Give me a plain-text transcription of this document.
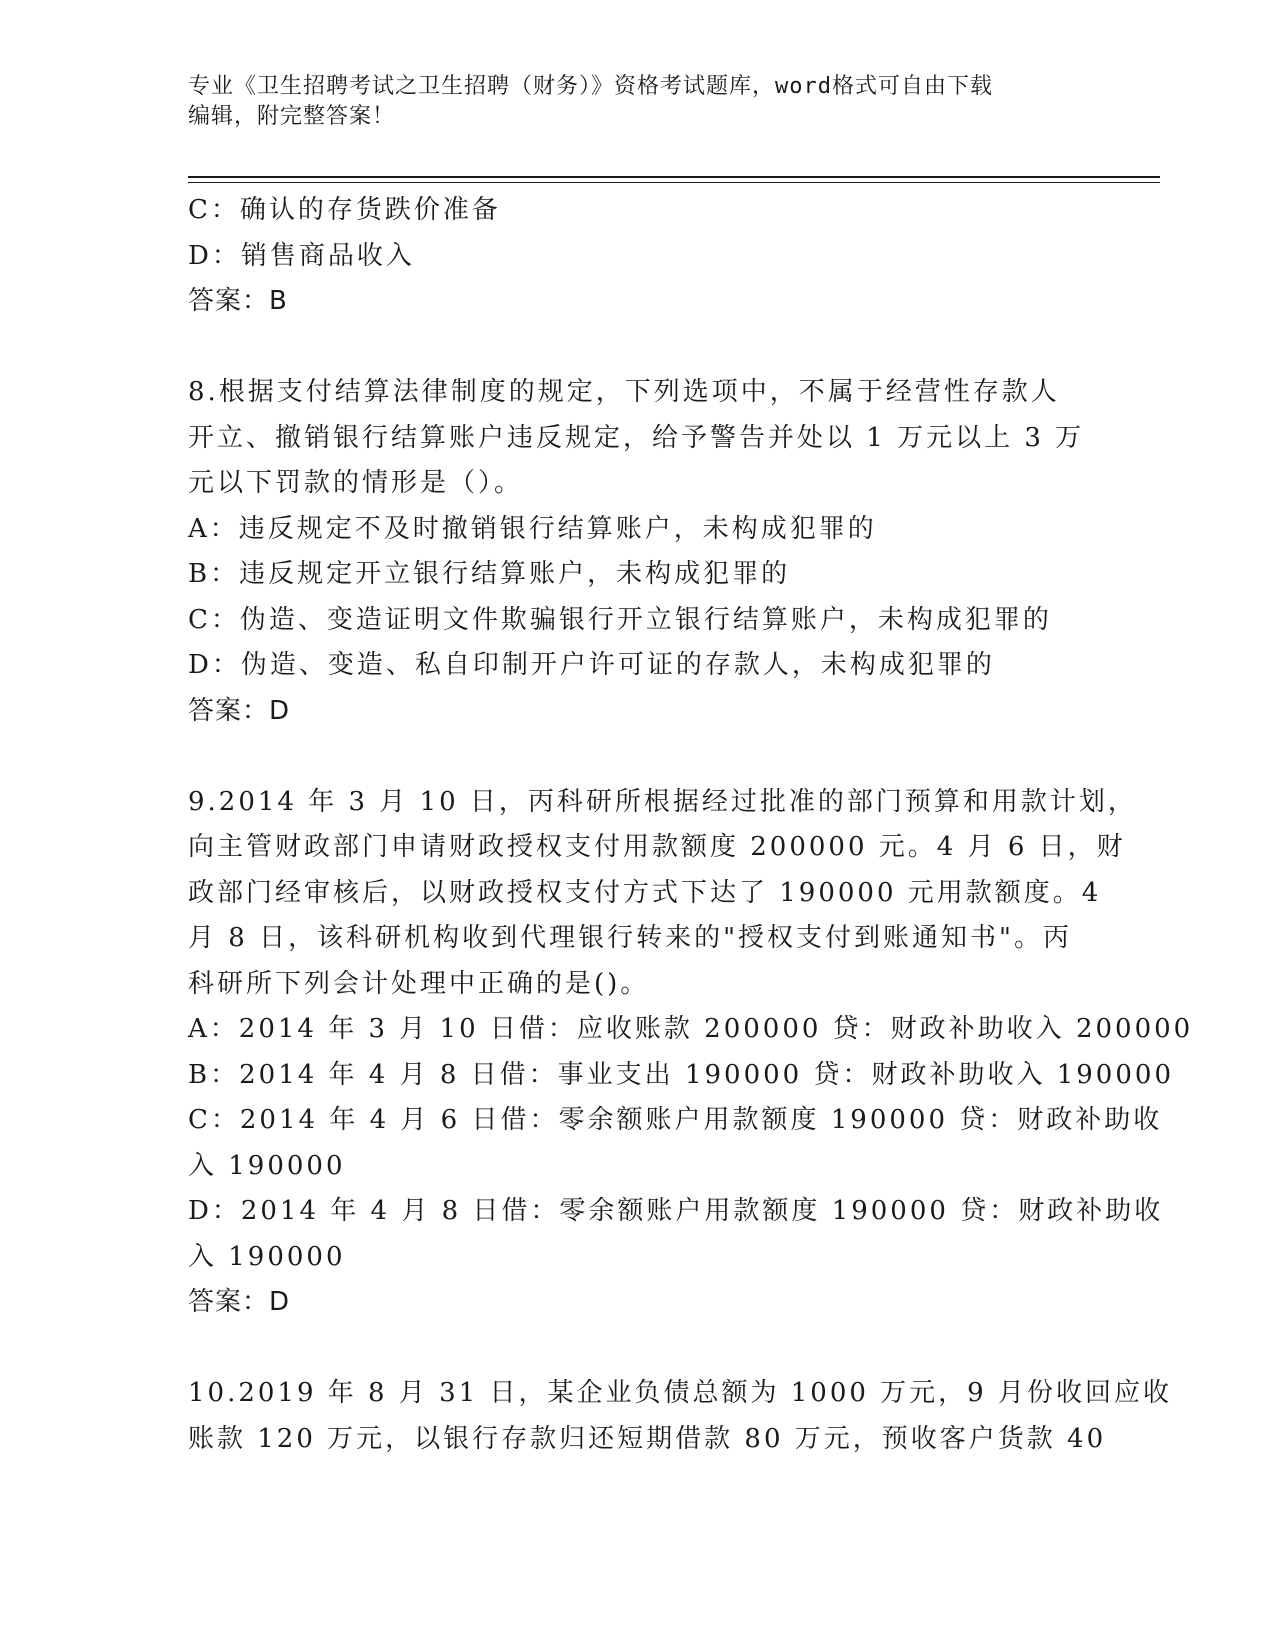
专业《卫生招聘考试之卫生招聘（财务）》资格考试题库，word格式可自由下载
编辑，附完整答案！
C：确认的存货跌价准备
D：销售商品收入
答案：B
8.根据支付结算法律制度的规定，下列选项中，不属于经营性存款人
开立、撤销银行结算账户违反规定，给予警告并处以 1 万元以上 3 万
元以下罚款的情形是（）。
A：违反规定不及时撤销银行结算账户，未构成犯罪的
B：违反规定开立银行结算账户，未构成犯罪的
C：伪造、变造证明文件欺骗银行开立银行结算账户，未构成犯罪的
D：伪造、变造、私自印制开户许可证的存款人，未构成犯罪的
答案：D
9.2014 年 3 月 10 日，丙科研所根据经过批准的部门预算和用款计划，
向主管财政部门申请财政授权支付用款额度 200000 元。4 月 6 日，财
政部门经审核后，以财政授权支付方式下达了 190000 元用款额度。4
月 8 日，该科研机构收到代理银行转来的"授权支付到账通知书"。丙
科研所下列会计处理中正确的是()。
A：2014 年 3 月 10 日借：应收账款 200000 贷：财政补助收入 200000
B：2014 年 4 月 8 日借：事业支出 190000 贷：财政补助收入 190000
C：2014 年 4 月 6 日借：零余额账户用款额度 190000 贷：财政补助收
入 190000
D：2014 年 4 月 8 日借：零余额账户用款额度 190000 贷：财政补助收
入 190000
答案：D
10.2019 年 8 月 31 日，某企业负债总额为 1000 万元，9 月份收回应收
账款 120 万元，以银行存款归还短期借款 80 万元，预收客户货款 40
